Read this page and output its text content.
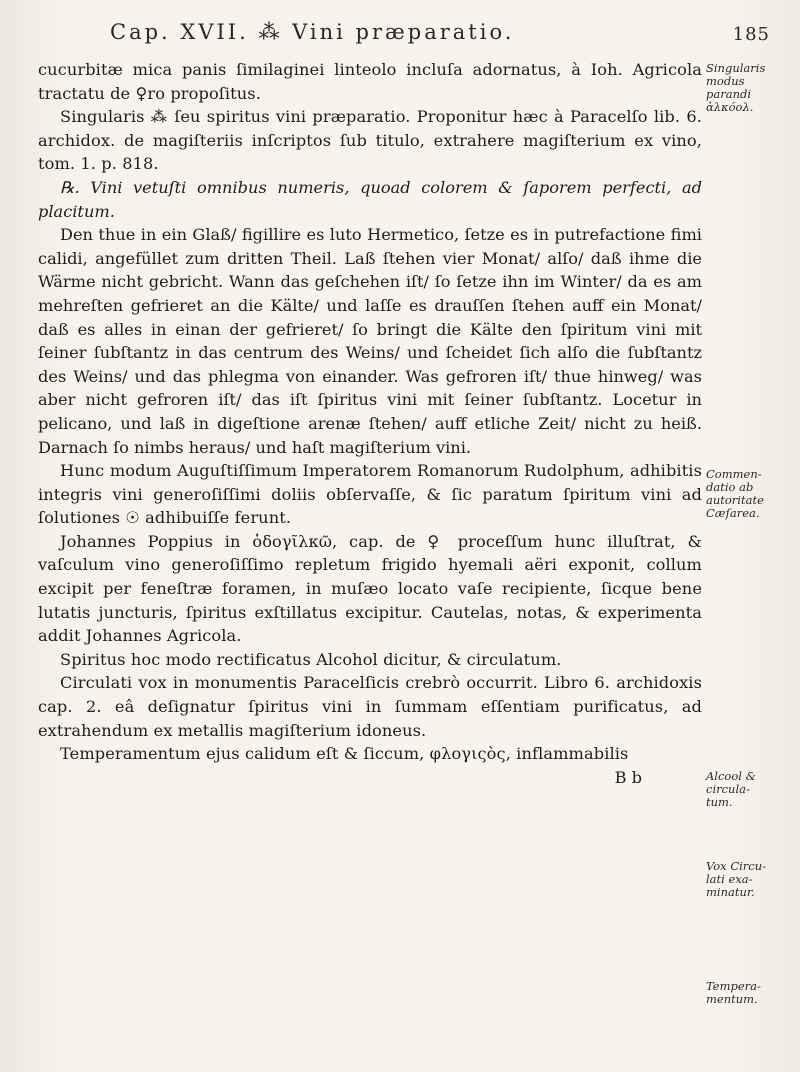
Cap. XVII. ⁂ Vini præparatio.	185

cucurbitæ mica panis ſimilaginei linteolo incluſa adornatus, à Ioh. Agricola tractatu de ♀ro propoſitus.

Singularis ⁂ ſeu spiritus vini præparatio. Proponitur hæc à Paracelſo lib. 6. archidox. de magiſteriis inſcriptos ſub titulo, extrahere magiſterium ex vino, tom. 1. p. 818.

℞. Vini vetuſti omnibus numeris, quoad colorem & ſaporem perfecti, ad placitum.

Den thue in ein Glaß/ figillire es luto Hermetico, ſetze es in putrefactione fimi calidi, angefüllet zum dritten Theil. Laß ſtehen vier Monat/ alſo/ daß ihme die Wärme nicht gebricht. Wann das geſchehen iſt/ ſo ſetze ihn im Winter/ da es am mehreſten gefrieret an die Kälte/ und laſſe es drauſſen ſtehen auff ein Monat/ daß es alles in einan der gefrieret/ ſo bringt die Kälte den ſpiritum vini mit ſeiner ſubſtantz in das centrum des Weins/ und ſcheidet ſich alſo die ſubſtantz des Weins/ und das phlegma von einander. Was gefroren iſt/ thue hinweg/ was aber nicht gefroren iſt/ das iſt ſpiritus vini mit ſeiner ſubſtantz. Locetur in pelicano, und laß in digeſtione arenæ ſtehen/ auff etliche Zeit/ nicht zu heiß. Darnach ſo nimbs heraus/ und haſt magiſterium vini.

Hunc modum Auguſtiſſimum Imperatorem Romanorum Rudolphum, adhibitis integris vini generoſiſſimi doliis obſervaſſe, & ſic paratum ſpiritum vini ad ſolutiones ☉ adhibuiſſe ferunt.

Johannes Poppius in ὁδογῖλκῶ, cap. de ♀ proceſſum hunc illuſtrat, & vaſculum vino generoſiſſimo repletum frigido hyemali aëri exponit, collum excipit per feneſtræ foramen, in muſæo locato vaſe recipiente, ſicque bene lutatis juncturis, ſpiritus exſtillatus excipitur. Cautelas, notas, & experimenta addit Johannes Agricola.

Spiritus hoc modo rectificatus Alcohol dicitur, & circulatum.

Circulati vox in monumentis Paracelſicis crebrò occurrit. Libro 6. archidoxis cap. 2. eâ deſignatur ſpiritus vini in ſummam eſſentiam purificatus, ad extrahendum ex metallis magiſterium idoneus.

Temperamentum ejus calidum eſt & ſiccum, φλογιςὸς, inflammabilis

B b

Singularis
modus
parandi
ἀλκόολ.
Commen-
datio ab
autoritate
Cæſarea.
Alcool &
circula-
tum.
Vox Circu-
lati exa-
minatur.
Tempera-
mentum.
